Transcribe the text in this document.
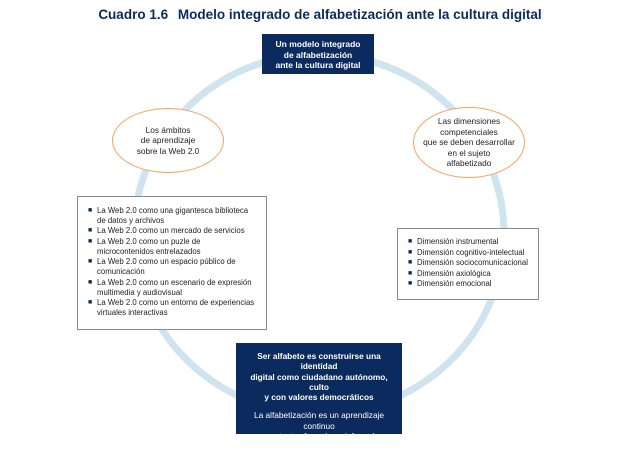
Cuadro 1.6 Modelo integrado de alfabetización ante la cultura digital
Un modelo integrado
de alfabetización
ante la cultura digital
Los ámbitos
de aprendizaje
sobre la Web 2.0
Las dimensiones
competenciales
que se deben desarrollar
en el sujeto
alfabetizado
■ La Web 2.0 como una gigantesca biblioteca
de datos y archivos
■ La Web 2.0 como un mercado de servicios
■ La Web 2.0 como un puzle de
microcontenidos entrelazados
■ La Web 2.0 como un espacio público de
comunicación
■ La Web 2.0 como un escenario de expresión
multimedia y audiovisual
■ La Web 2.0 como un entorno de experiencias
virtuales interactivas
■ Dimensión instrumental
■ Dimensión cognitivo-intelectual
■ Dimensión sociocomunicacional
■ Dimensión axiológica
■ Dimensión emocional
Ser alfabeto es construirse una identidad
digital como ciudadano autónomo, culto
y con valores democráticos
La alfabetización es un aprendizaje continuo
en contextos formales e informales
de aprendizaje con las TIC
